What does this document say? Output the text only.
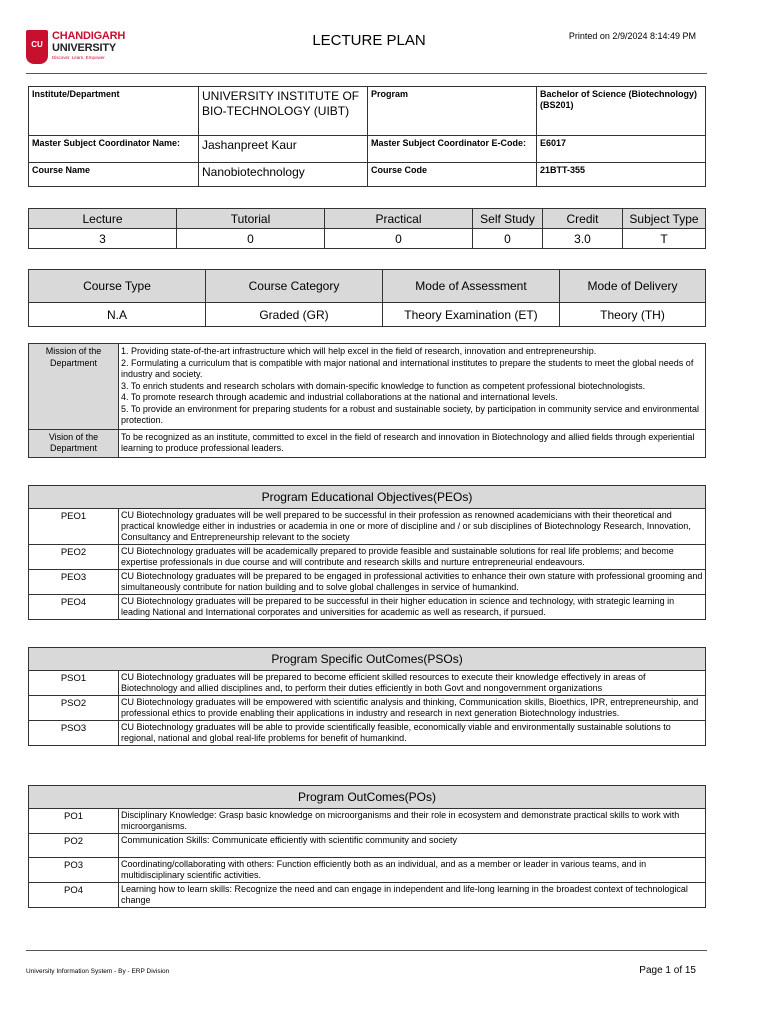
CU
CHANDIGARH
UNIVERSITY
Discover. Learn. Empower.
LECTURE PLAN	Printed on 2/9/2024 8:14:49 PM
Institute/Department	UNIVERSITY INSTITUTE OF BIO-TECHNOLOGY (UIBT)	Program	Bachelor of Science (Biotechnology)(BS201)
Master Subject Coordinator Name:	Jashanpreet Kaur	Master Subject Coordinator E-Code:	E6017
Course Name	Nanobiotechnology	Course Code	21BTT-355
Lecture	Tutorial	Practical	Self Study	Credit	Subject Type
3	0	0	0	3.0	T
Course Type	Course Category	Mode of Assessment	Mode of Delivery
N.A	Graded (GR)	Theory Examination (ET)	Theory (TH)
Mission of the Department	1. Providing state-of-the-art infrastructure which will help excel in the field of research, innovation and entrepreneurship.
2. Formulating a curriculum that is compatible with major national and international institutes to prepare the students to meet the global needs of industry and society.
3. To enrich students and research scholars with domain-specific knowledge to function as competent professional biotechnologists.
4. To promote research through academic and industrial collaborations at the national and international levels.
5. To provide an environment for preparing students for a robust and sustainable society, by participation in community service and environmental protection.

Vision of the Department	To be recognized as an institute, committed to excel in the field of research and innovation in Biotechnology and allied fields through experiential learning to produce professional leaders.
Program Educational Objectives(PEOs)	
PEO1	CU Biotechnology graduates will be well prepared to be successful in their profession as renowned academicians with their theoretical and practical knowledge either in industries or academia in one or more of discipline and / or sub disciplines of Biotechnology Research, Innovation, Consultancy and Entrepreneurship relevant to the society
PEO2	CU Biotechnology graduates will be academically prepared to provide feasible and sustainable solutions for real life problems; and become expertise professionals in due course and will contribute and research skills and nurture entrepreneurial endeavours.
PEO3	CU Biotechnology graduates will be prepared to be engaged in professional activities to enhance their own stature with professional grooming and simultaneously contribute for nation building and to solve global challenges in service of humankind.
PEO4	CU Biotechnology graduates will be prepared to be successful in their higher education in science and technology, with strategic learning in leading National and International corporates and universities for academic as well as research, if pursued.
Program Specific OutComes(PSOs)	
PSO1	CU Biotechnology graduates will be prepared to become efficient skilled resources to execute their knowledge effectively in areas of Biotechnology and allied disciplines and, to perform their duties efficiently in both Govt and nongovernment organizations
PSO2	CU Biotechnology graduates will be empowered with scientific analysis and thinking, Communication skills, Bioethics, IPR, entrepreneurship, and professional ethics to provide enabling their applications in industry and research in next generation Biotechnology industries.
PSO3	CU Biotechnology graduates will be able to provide scientifically feasible, economically viable and environmentally sustainable solutions to regional, national and global real-life problems for benefit of humankind.
Program OutComes(POs)	
PO1	Disciplinary Knowledge: Grasp basic knowledge on microorganisms and their role in ecosystem and demonstrate practical skills to work with microorganisms.
PO2	Communication Skills: Communicate efficiently with scientific community and society
PO3	Coordinating/collaborating with others: Function efficiently both as an individual, and as a member or leader in various teams, and in multidisciplinary scientific activities.
PO4	Learning how to learn skills: Recognize the need and can engage in independent and life-long learning in the broadest context of technological change
University Information System - By - ERP Division	Page 1 of 15
